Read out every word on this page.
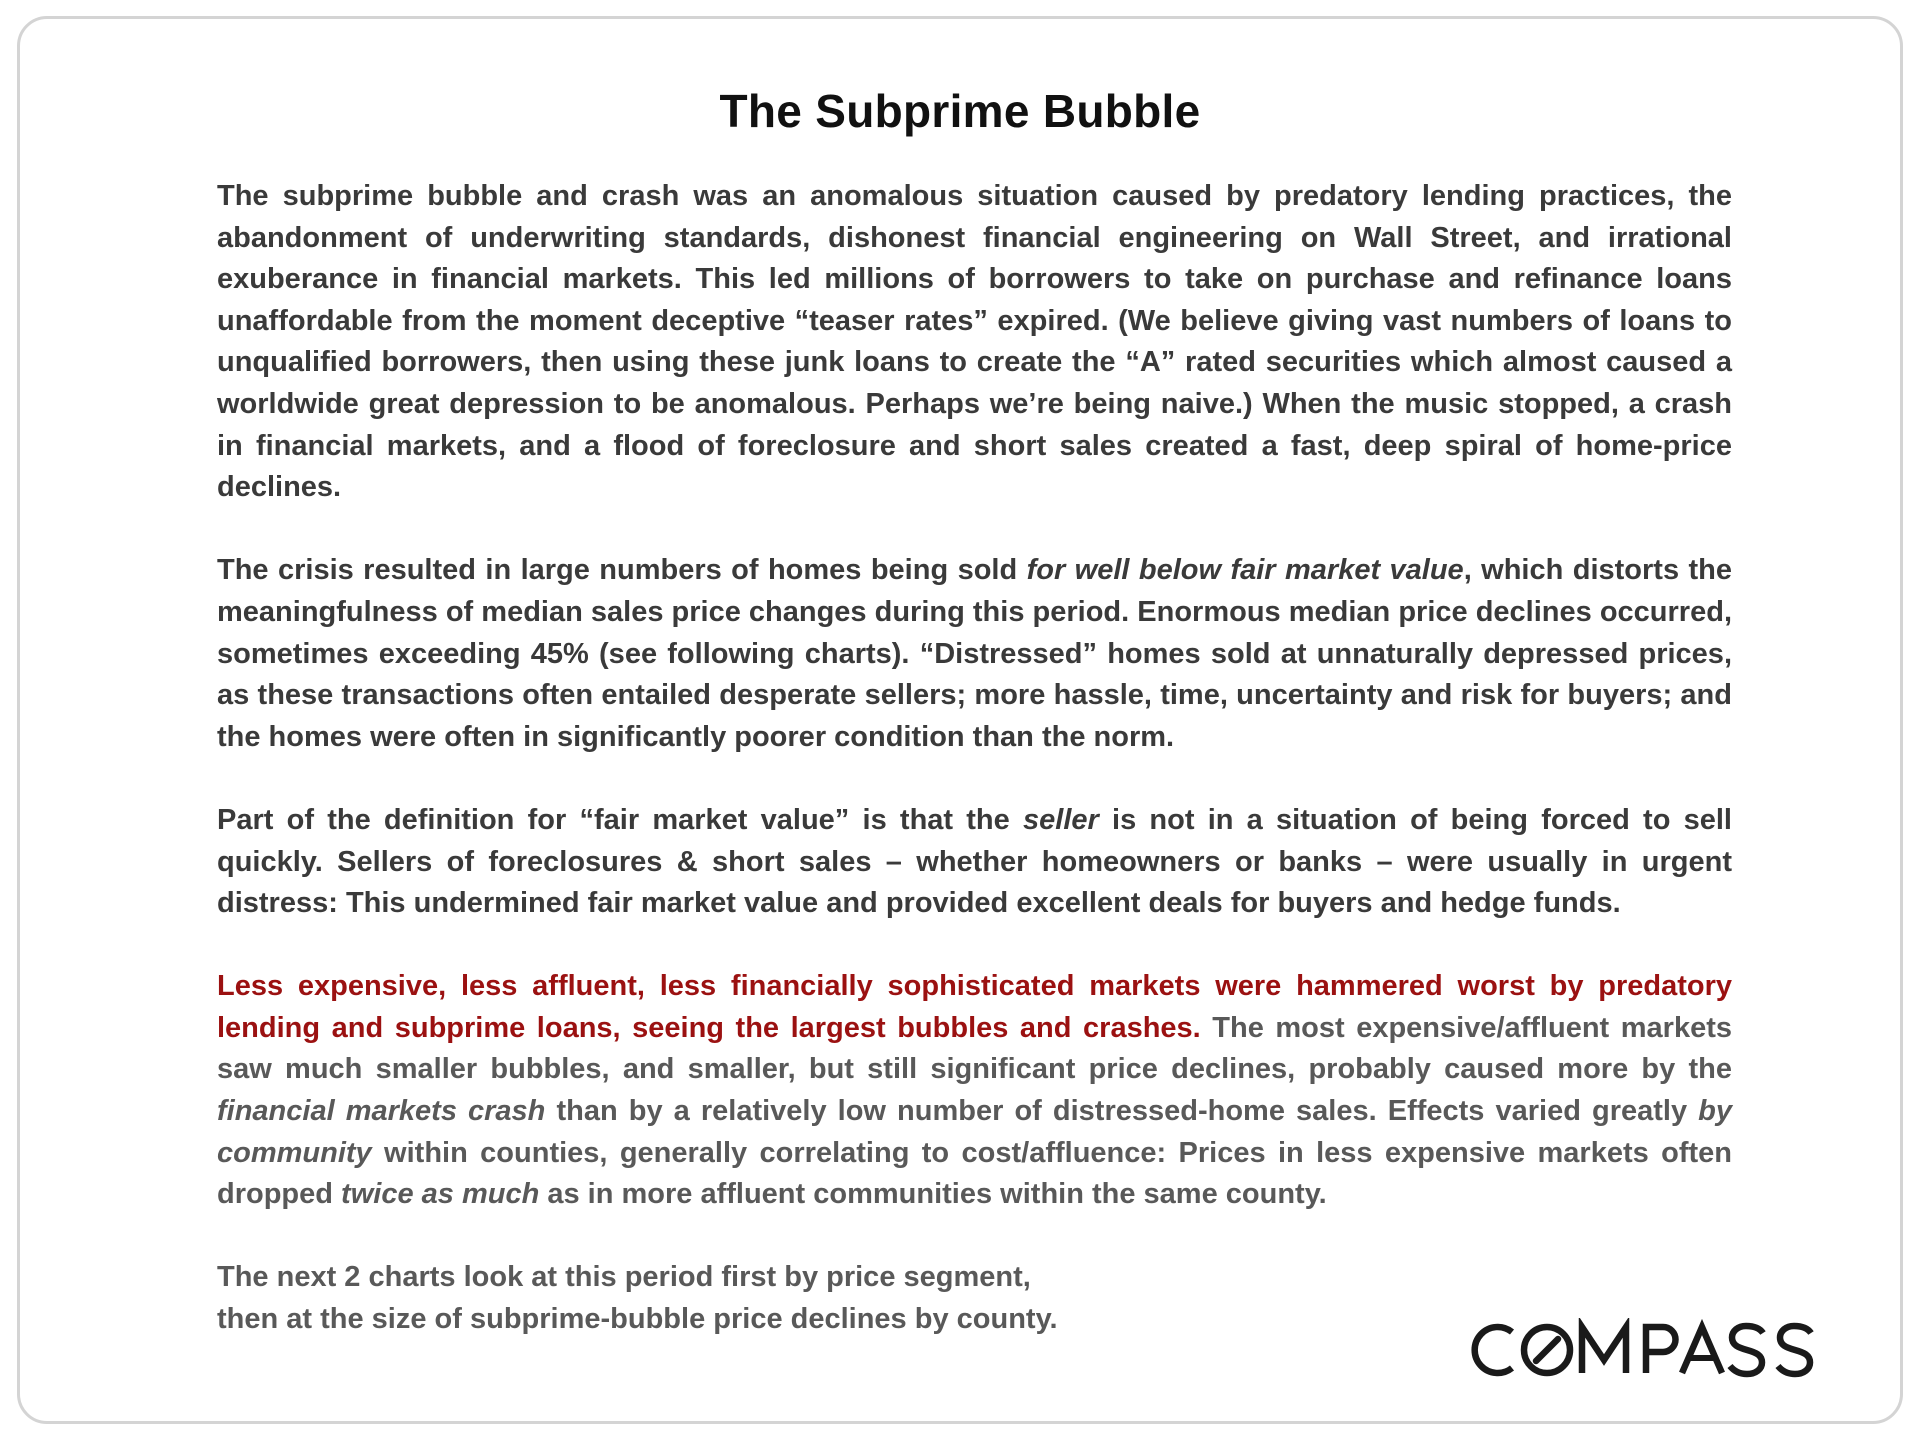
The Subprime Bubble

The subprime bubble and crash was an anomalous situation caused by predatory lending practices, the abandonment of underwriting standards, dishonest financial engineering on Wall Street, and irrational exuberance in financial markets. This led millions of borrowers to take on purchase and refinance loans unaffordable from the moment deceptive “teaser rates” expired. (We believe giving vast numbers of loans to unqualified borrowers, then using these junk loans to create the “A” rated securities which almost caused a worldwide great depression to be anomalous. Perhaps we’re being naive.) When the music stopped, a crash in financial markets, and a flood of foreclosure and short sales created a fast, deep spiral of home-price declines.

The crisis resulted in large numbers of homes being sold for well below fair market value, which distorts the meaningfulness of median sales price changes during this period. Enormous median price declines occurred, sometimes exceeding 45% (see following charts). “Distressed” homes sold at unnaturally depressed prices, as these transactions often entailed desperate sellers; more hassle, time, uncertainty and risk for buyers; and the homes were often in significantly poorer condition than the norm.

Part of the definition for “fair market value” is that the seller is not in a situation of being forced to sell quickly. Sellers of foreclosures & short sales – whether homeowners or banks – were usually in urgent distress: This undermined fair market value and provided excellent deals for buyers and hedge funds.

Less expensive, less affluent, less financially sophisticated markets were hammered worst by predatory lending and subprime loans, seeing the largest bubbles and crashes. The most expensive/affluent markets saw much smaller bubbles, and smaller, but still significant price declines, probably caused more by the financial markets crash than by a relatively low number of distressed-home sales. Effects varied greatly by community within counties, generally correlating to cost/affluence: Prices in less expensive markets often dropped twice as much as in more affluent communities within the same county.

The next 2 charts look at this period first by price segment,
then at the size of subprime-bubble price declines by county.
